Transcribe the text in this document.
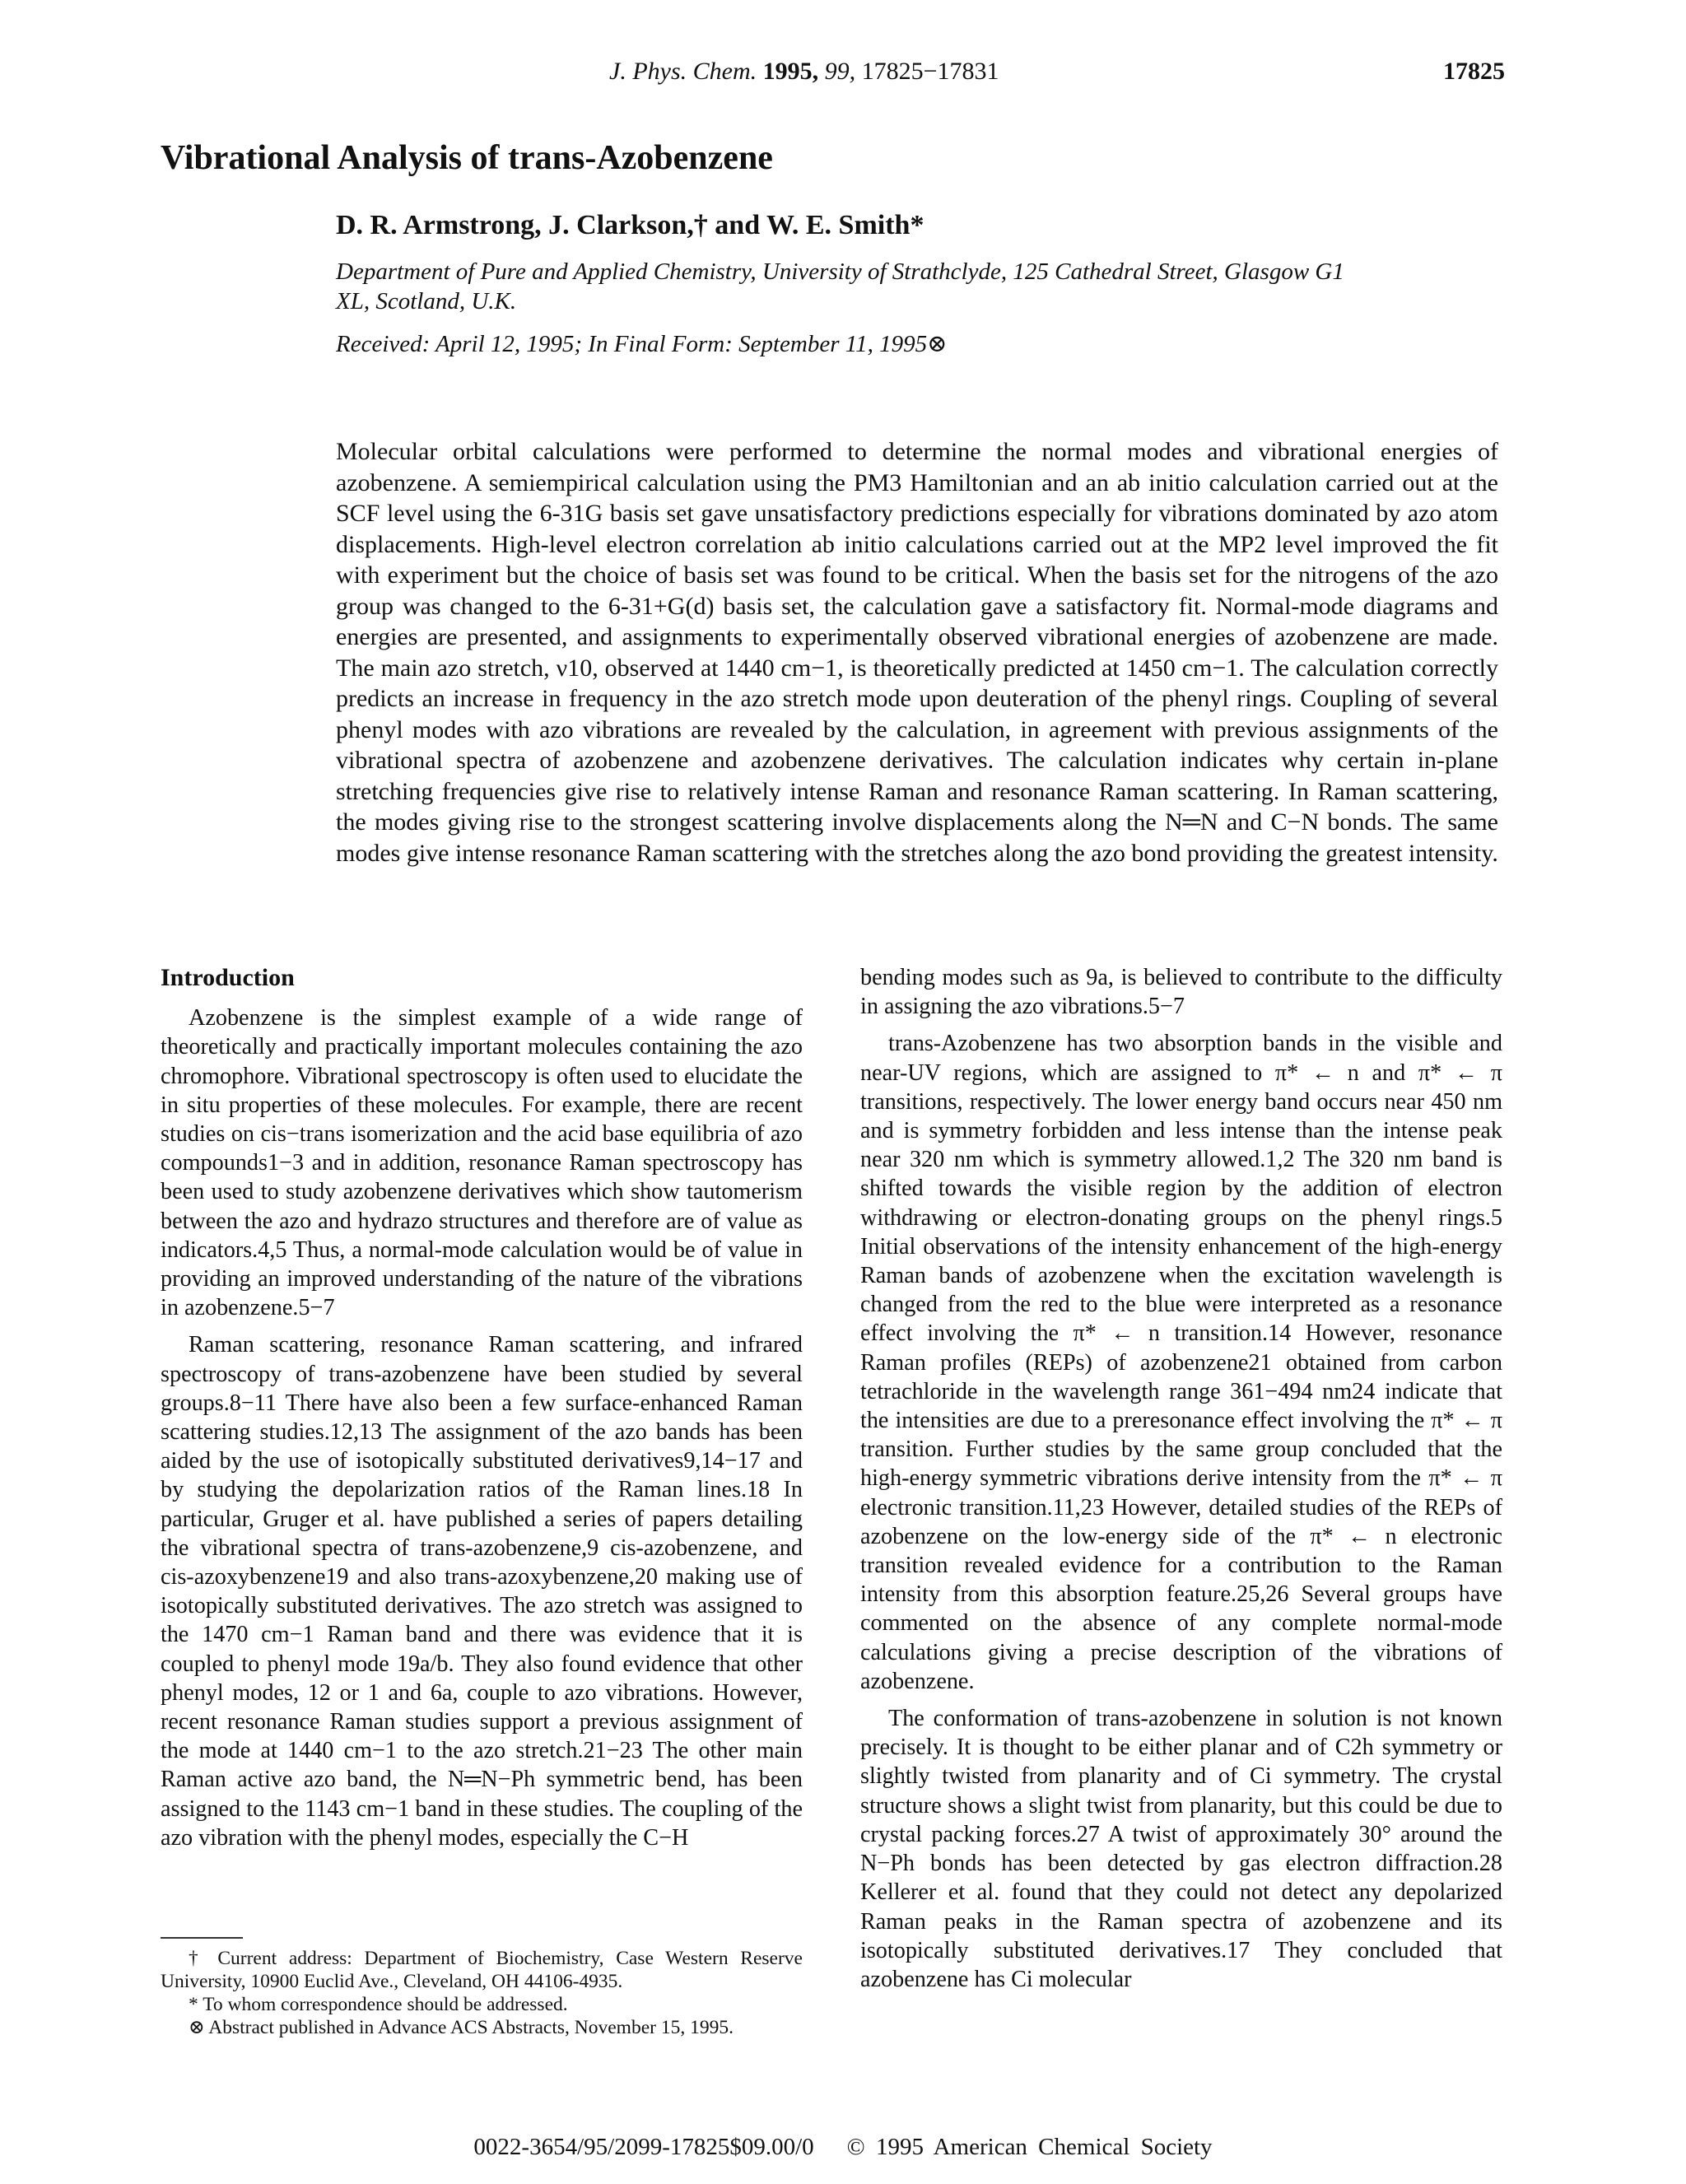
J. Phys. Chem. 1995, 99, 17825−17831	17825
Vibrational Analysis of trans-Azobenzene
D. R. Armstrong, J. Clarkson,† and W. E. Smith*
Department of Pure and Applied Chemistry, University of Strathclyde, 125 Cathedral Street, Glasgow G1 XL, Scotland, U.K.
Received: April 12, 1995; In Final Form: September 11, 1995⊗
Molecular orbital calculations were performed to determine the normal modes and vibrational energies of azobenzene. A semiempirical calculation using the PM3 Hamiltonian and an ab initio calculation carried out at the SCF level using the 6-31G basis set gave unsatisfactory predictions especially for vibrations dominated by azo atom displacements. High-level electron correlation ab initio calculations carried out at the MP2 level improved the fit with experiment but the choice of basis set was found to be critical. When the basis set for the nitrogens of the azo group was changed to the 6-31+G(d) basis set, the calculation gave a satisfactory fit. Normal-mode diagrams and energies are presented, and assignments to experimentally observed vibrational energies of azobenzene are made. The main azo stretch, ν10, observed at 1440 cm−1, is theoretically predicted at 1450 cm−1. The calculation correctly predicts an increase in frequency in the azo stretch mode upon deuteration of the phenyl rings. Coupling of several phenyl modes with azo vibrations are revealed by the calculation, in agreement with previous assignments of the vibrational spectra of azobenzene and azobenzene derivatives. The calculation indicates why certain in-plane stretching frequencies give rise to relatively intense Raman and resonance Raman scattering. In Raman scattering, the modes giving rise to the strongest scattering involve displacements along the N═N and C−N bonds. The same modes give intense resonance Raman scattering with the stretches along the azo bond providing the greatest intensity.

Introduction

Azobenzene is the simplest example of a wide range of theoretically and practically important molecules containing the azo chromophore. Vibrational spectroscopy is often used to elucidate the in situ properties of these molecules. For example, there are recent studies on cis−trans isomerization and the acid base equilibria of azo compounds1−3 and in addition, resonance Raman spectroscopy has been used to study azobenzene derivatives which show tautomerism between the azo and hydrazo structures and therefore are of value as indicators.4,5 Thus, a normal-mode calculation would be of value in providing an improved understanding of the nature of the vibrations in azobenzene.5−7

Raman scattering, resonance Raman scattering, and infrared spectroscopy of trans-azobenzene have been studied by several groups.8−11 There have also been a few surface-enhanced Raman scattering studies.12,13 The assignment of the azo bands has been aided by the use of isotopically substituted derivatives9,14−17 and by studying the depolarization ratios of the Raman lines.18 In particular, Gruger et al. have published a series of papers detailing the vibrational spectra of trans-azobenzene,9 cis-azobenzene, and cis-azoxybenzene19 and also trans-azoxybenzene,20 making use of isotopically substituted derivatives. The azo stretch was assigned to the 1470 cm−1 Raman band and there was evidence that it is coupled to phenyl mode 19a/b. They also found evidence that other phenyl modes, 12 or 1 and 6a, couple to azo vibrations. However, recent resonance Raman studies support a previous assignment of the mode at 1440 cm−1 to the azo stretch.21−23 The other main Raman active azo band, the N═N−Ph symmetric bend, has been assigned to the 1143 cm−1 band in these studies. The coupling of the azo vibration with the phenyl modes, especially the C−H

bending modes such as 9a, is believed to contribute to the difficulty in assigning the azo vibrations.5−7

trans-Azobenzene has two absorption bands in the visible and near-UV regions, which are assigned to π* ← n and π* ← π transitions, respectively. The lower energy band occurs near 450 nm and is symmetry forbidden and less intense than the intense peak near 320 nm which is symmetry allowed.1,2 The 320 nm band is shifted towards the visible region by the addition of electron withdrawing or electron-donating groups on the phenyl rings.5 Initial observations of the intensity enhancement of the high-energy Raman bands of azobenzene when the excitation wavelength is changed from the red to the blue were interpreted as a resonance effect involving the π* ← n transition.14 However, resonance Raman profiles (REPs) of azobenzene21 obtained from carbon tetrachloride in the wavelength range 361−494 nm24 indicate that the intensities are due to a preresonance effect involving the π* ← π transition. Further studies by the same group concluded that the high-energy symmetric vibrations derive intensity from the π* ← π electronic transition.11,23 However, detailed studies of the REPs of azobenzene on the low-energy side of the π* ← n electronic transition revealed evidence for a contribution to the Raman intensity from this absorption feature.25,26 Several groups have commented on the absence of any complete normal-mode calculations giving a precise description of the vibrations of azobenzene.

The conformation of trans-azobenzene in solution is not known precisely. It is thought to be either planar and of C2h symmetry or slightly twisted from planarity and of Ci symmetry. The crystal structure shows a slight twist from planarity, but this could be due to crystal packing forces.27 A twist of approximately 30° around the N−Ph bonds has been detected by gas electron diffraction.28 Kellerer et al. found that they could not detect any depolarized Raman peaks in the Raman spectra of azobenzene and its isotopically substituted derivatives.17 They concluded that azobenzene has Ci molecular

† Current address: Department of Biochemistry, Case Western Reserve University, 10900 Euclid Ave., Cleveland, OH 44106-4935.
* To whom correspondence should be addressed.
⊗ Abstract published in Advance ACS Abstracts, November 15, 1995.
0022-3654/95/2099-17825$09.00/0 © 1995 American Chemical Society
